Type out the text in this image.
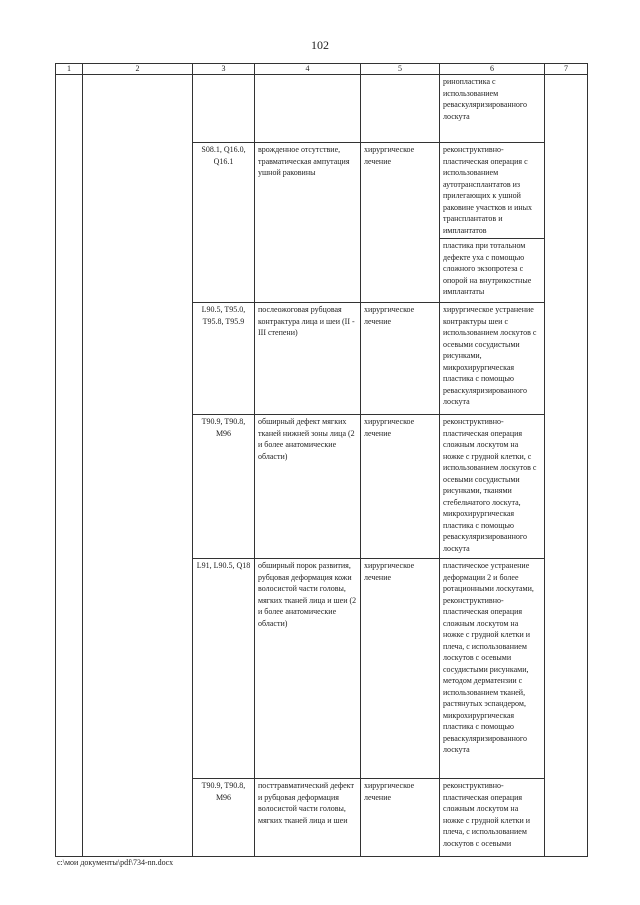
102
1	2	3	4	5	6	7
					ринопластика с использованием реваскуляризированного лоскута	
		S08.1, Q16.0, Q16.1	врожденное отсутствие, травматическая ампутация ушной раковины	хирургическое лечение	реконструктивно-пластическая операция с использованием аутотрансплантатов из прилегающих к ушной раковине участков и иных трансплантатов и имплантатов	
					пластика при тотальном дефекте уха с помощью сложного экзопротеза с опорой на внутрикостные имплантаты	
		L90.5, T95.0, T95.8, T95.9	послеожоговая рубцовая контрактура лица и шеи (II - III степени)	хирургическое лечение	хирургическое устранение контрактуры шеи с использованием лоскутов с осевыми сосудистыми рисунками, микрохирургическая пластика с помощью реваскуляризированного лоскута	
		T90.9, T90.8, M96	обширный дефект мягких тканей нижней зоны лица (2 и более анатомические области)	хирургическое лечение	реконструктивно-пластическая операция сложным лоскутом на ножке с грудной клетки, с использованием лоскутов с осевыми сосудистыми рисунками, тканями стебельчатого лоскута, микрохирургическая пластика с помощью реваскуляризированного лоскута	
		L91, L90.5, Q18	обширный порок развития, рубцовая деформация кожи волосистой части головы, мягких тканей лица и шеи (2 и более анатомические области)	хирургическое лечение	пластическое устранение деформации 2 и более ротационными лоскутами, реконструктивно-пластическая операция сложным лоскутом на ножке с грудной клетки и плеча, с использованием лоскутов с осевыми сосудистыми рисунками, методом дерматензии с использованием тканей, растянутых эспандером, микрохирургическая пластика с помощью реваскуляризированного лоскута	
		T90.9, T90.8, M96	посттравматический дефект и рубцовая деформация волосистой части головы, мягких тканей лица и шеи	хирургическое лечение	реконструктивно-пластическая операция сложным лоскутом на ножке с грудной клетки и плеча, с использованием лоскутов с осевыми	
c:\мои документы\pdf\734-nn.docx
